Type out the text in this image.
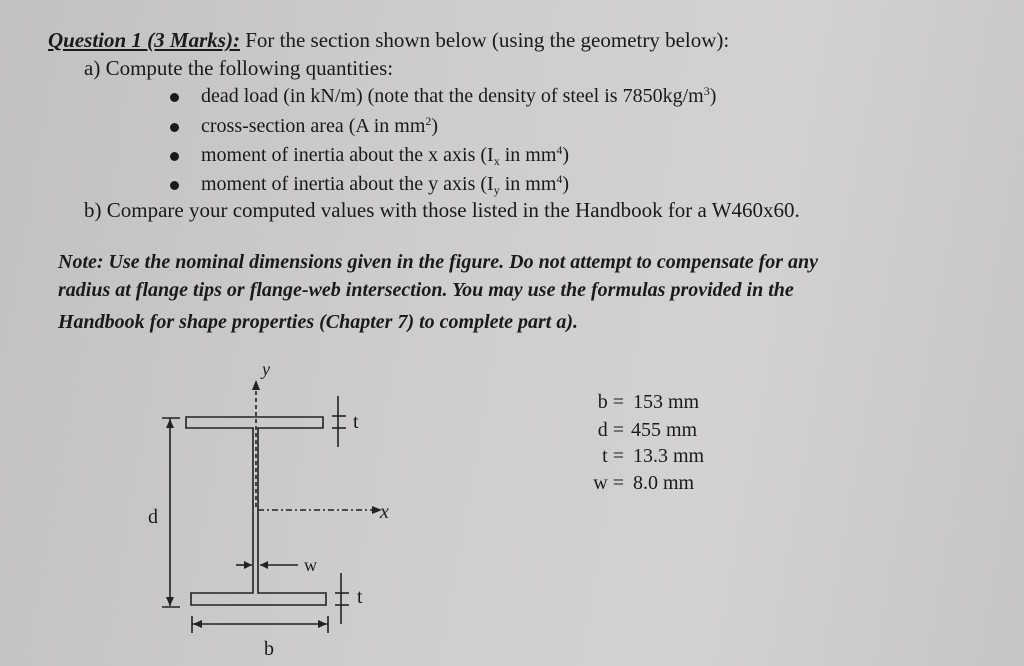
Question 1 (3 Marks): For the section shown below (using the geometry below):
a) Compute the following quantities:
dead load (in kN/m) (note that the density of steel is $7850kg/m^3$)
cross-section area (A in $mm^2$)
moment of inertia about the x axis ($I_x$ in $mm^4$)
moment of inertia about the y axis ($I_y$ in $mm^4$)
b) Compare your computed values with those listed in the Handbook for a W460x60.
Note: Use the nominal dimensions given in the figure. Do not attempt to compensate for any
radius at flange tips or flange-web intersection. You may use the formulas provided in the
Handbook for shape properties (Chapter 7) to complete part a).
y
x
d
b
t
t
w
b = 153 mm
d = 455 mm
t = 13.3 mm
w = 8.0 mm
